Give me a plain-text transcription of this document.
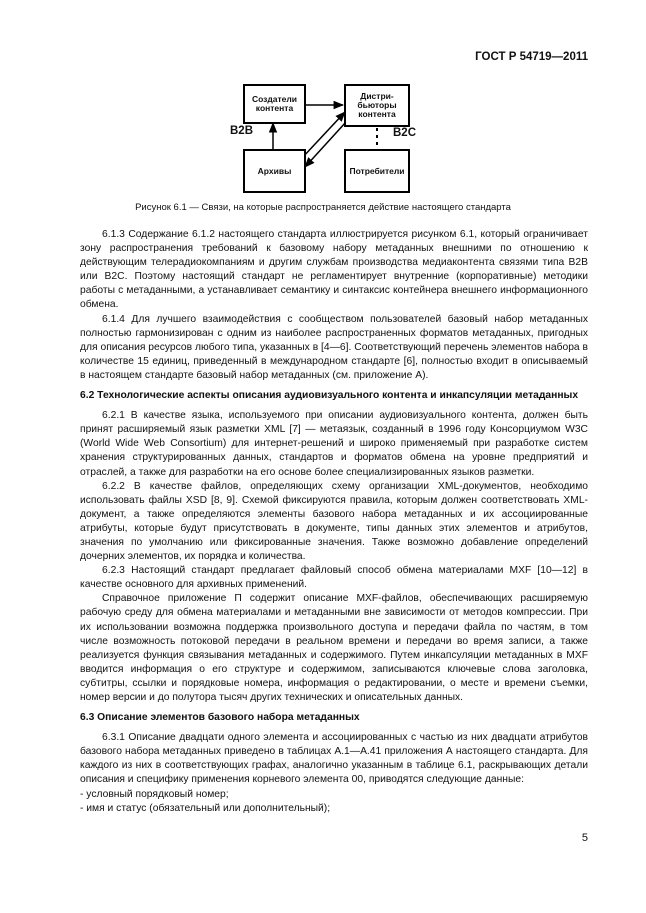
ГОСТ Р 54719—2011
Создатели контента
Дистри-бьюторы контента
Архивы	Потребители
B2B	B2C
Рисунок 6.1 — Связи, на которые распространяется действие настоящего стандарта

6.1.3 Содержание 6.1.2 настоящего стандарта иллюстрируется рисунком 6.1, который ограничивает зону распространения требований к базовому набору метаданных внешними по отношению к действующим телерадиокомпаниям и другим службам производства медиаконтента связями типа B2B или B2C. Поэтому настоящий стандарт не регламентирует внутренние (корпоративные) методики работы с метаданными, а устанавливает семантику и синтаксис контейнера внешнего информационного обмена.

6.1.4 Для лучшего взаимодействия с сообществом пользователей базовый набор метаданных полностью гармонизирован с одним из наиболее распространенных форматов метаданных, пригодных для описания ресурсов любого типа, указанных в [4—6]. Соответствующий перечень элементов набора в количестве 15 единиц, приведенный в международном стандарте [6], полностью входит в описываемый в настоящем стандарте базовый набор метаданных (см. приложение А).

6.2 Технологические аспекты описания аудиовизуального контента и инкапсуляции метаданных

6.2.1 В качестве языка, используемого при описании аудиовизуального контента, должен быть принят расширяемый язык разметки XML [7] — метаязык, созданный в 1996 году Консорциумом W3C (World Wide Web Consortium) для интернет-решений и широко применяемый при разработке систем хранения структурированных данных, стандартов и форматов обмена на уровне предприятий и отраслей, а также для разработки на его основе более специализированных языков разметки.

6.2.2 В качестве файлов, определяющих схему организации XML-документов, необходимо использовать файлы XSD [8, 9]. Схемой фиксируются правила, которым должен соответствовать XML-документ, а также определяются элементы базового набора метаданных и их ассоциированные атрибуты, которые будут присутствовать в документе, типы данных этих элементов и атрибутов, значения по умолчанию или фиксированные значения. Также возможно добавление определений дочерних элементов, их порядка и количества.

6.2.3 Настоящий стандарт предлагает файловый способ обмена материалами MXF [10—12] в качестве основного для архивных применений.

Справочное приложение П содержит описание MXF-файлов, обеспечивающих расширяемую рабочую среду для обмена материалами и метаданными вне зависимости от методов компрессии. При их использовании возможна поддержка произвольного доступа и передачи файла по частям, в том числе возможность потоковой передачи в реальном времени и передачи во время записи, а также реализуется функция связывания метаданных и содержимого. Путем инкапсуляции метаданных в MXF вводится информация о его структуре и содержимом, записываются ключевые слова заголовка, субтитры, ссылки и порядковые номера, информация о редактировании, о месте и времени съемки, номер версии и до полутора тысяч других технических и описательных данных.

6.3 Описание элементов базового набора метаданных

6.3.1 Описание двадцати одного элемента и ассоциированных с частью из них двадцати атрибутов базового набора метаданных приведено в таблицах А.1—А.41 приложения А настоящего стандарта. Для каждого из них в соответствующих графах, аналогично указанным в таблице 6.1, раскрывающих детали описания и специфику применения корневого элемента 00, приводятся следующие данные:

- условный порядковый номер;

- имя и статус (обязательный или дополнительный);

5
